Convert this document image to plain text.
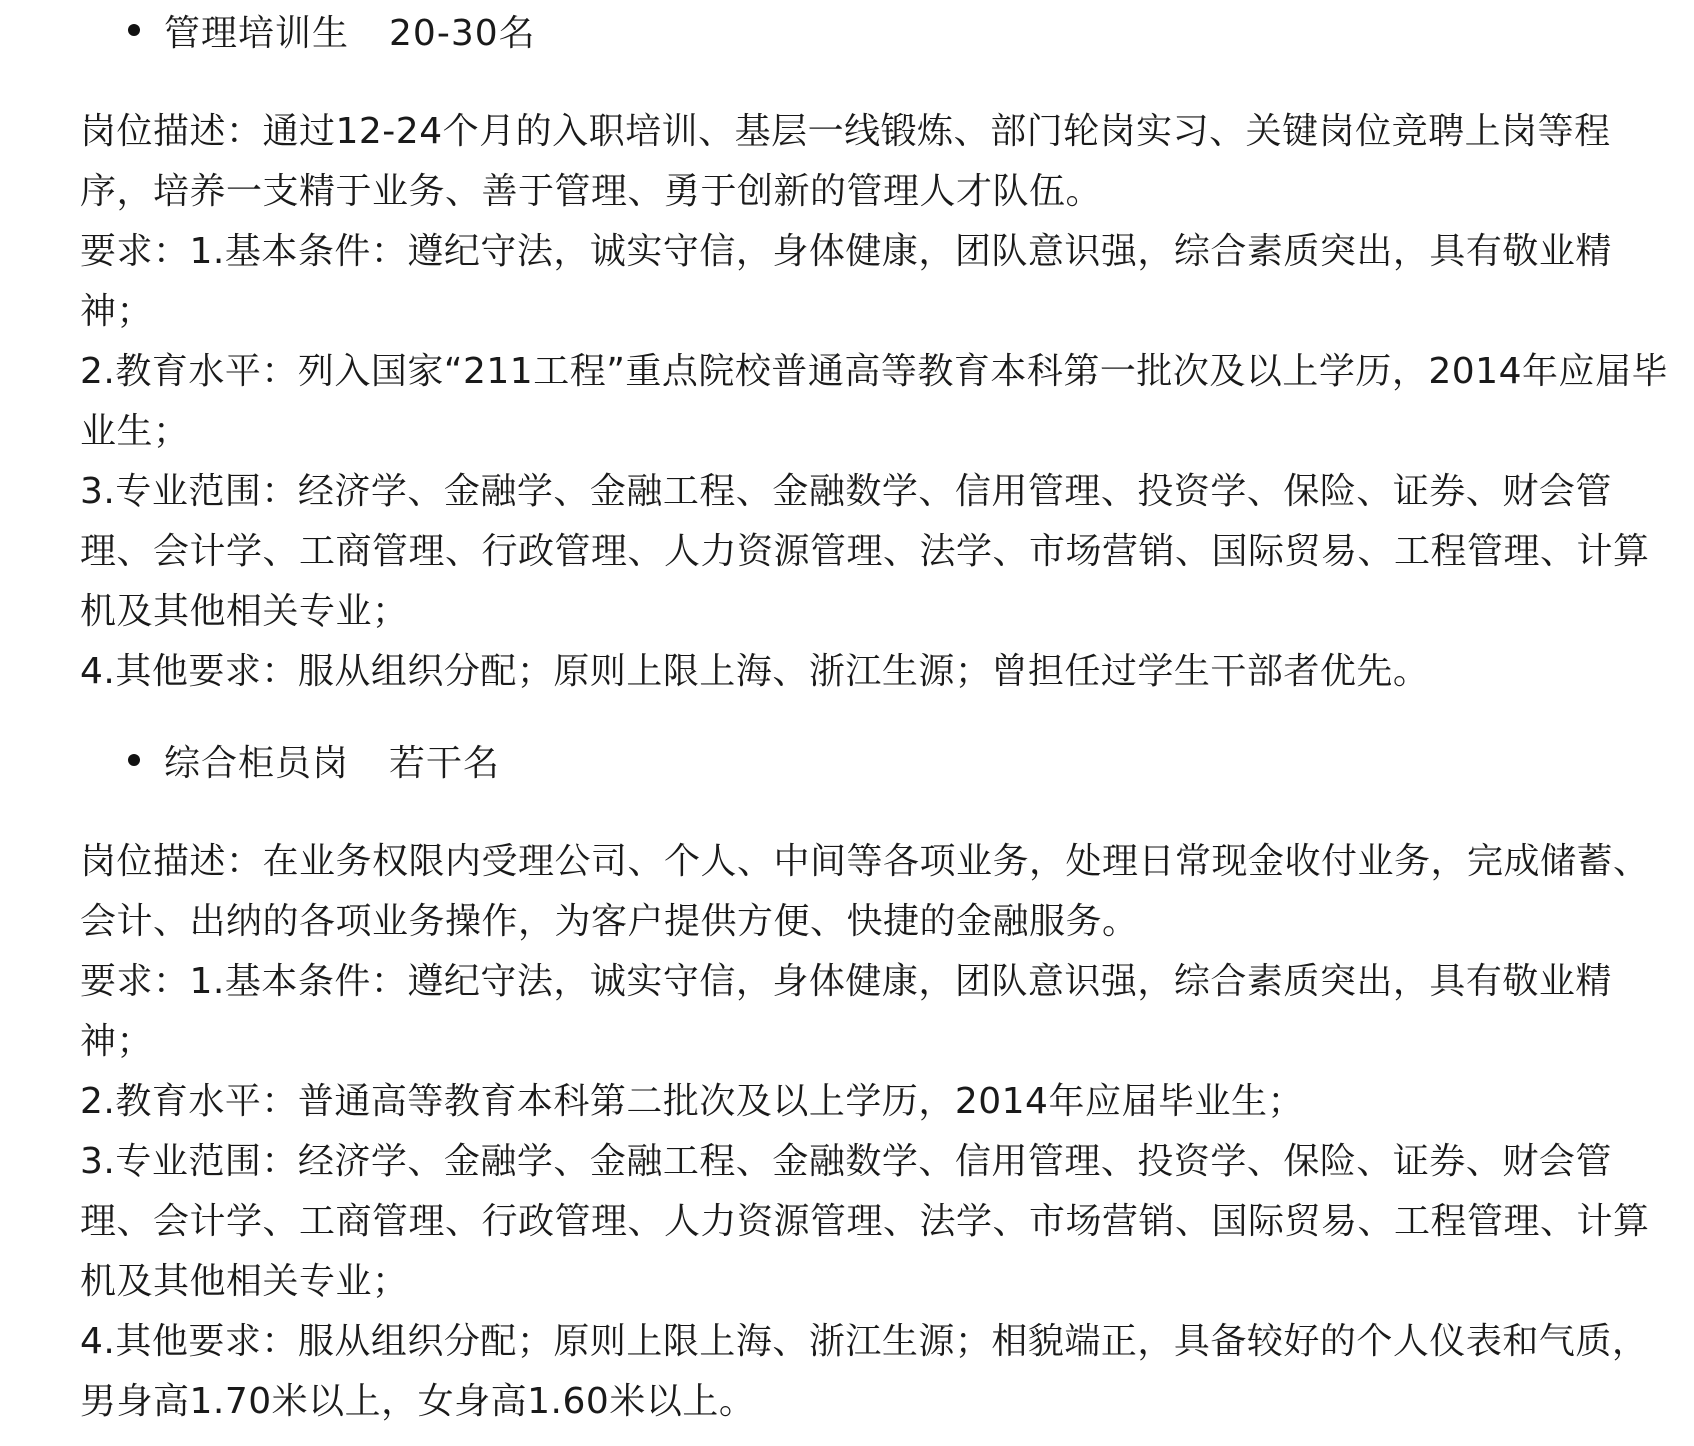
管理培训生 20-30名

岗位描述：通过12-24个月的入职培训、基层一线锻炼、部门轮岗实习、关键岗位竞聘上岗等程序，培养一支精于业务、善于管理、勇于创新的管理人才队伍。

要求：1.基本条件：遵纪守法，诚实守信，身体健康，团队意识强，综合素质突出，具有敬业精神；

2.教育水平：列入国家“211工程”重点院校普通高等教育本科第一批次及以上学历，2014年应届毕业生；

3.专业范围：经济学、金融学、金融工程、金融数学、信用管理、投资学、保险、证券、财会管理、会计学、工商管理、行政管理、人力资源管理、法学、市场营销、国际贸易、工程管理、计算机及其他相关专业；

4.其他要求：服从组织分配；原则上限上海、浙江生源；曾担任过学生干部者优先。

综合柜员岗 若干名

岗位描述：在业务权限内受理公司、个人、中间等各项业务，处理日常现金收付业务，完成储蓄、会计、出纳的各项业务操作，为客户提供方便、快捷的金融服务。

要求：1.基本条件：遵纪守法，诚实守信，身体健康，团队意识强，综合素质突出，具有敬业精神；

2.教育水平：普通高等教育本科第二批次及以上学历，2014年应届毕业生；

3.专业范围：经济学、金融学、金融工程、金融数学、信用管理、投资学、保险、证券、财会管理、会计学、工商管理、行政管理、人力资源管理、法学、市场营销、国际贸易、工程管理、计算机及其他相关专业；

4.其他要求：服从组织分配；原则上限上海、浙江生源；相貌端正，具备较好的个人仪表和气质，男身高1.70米以上，女身高1.60米以上。
